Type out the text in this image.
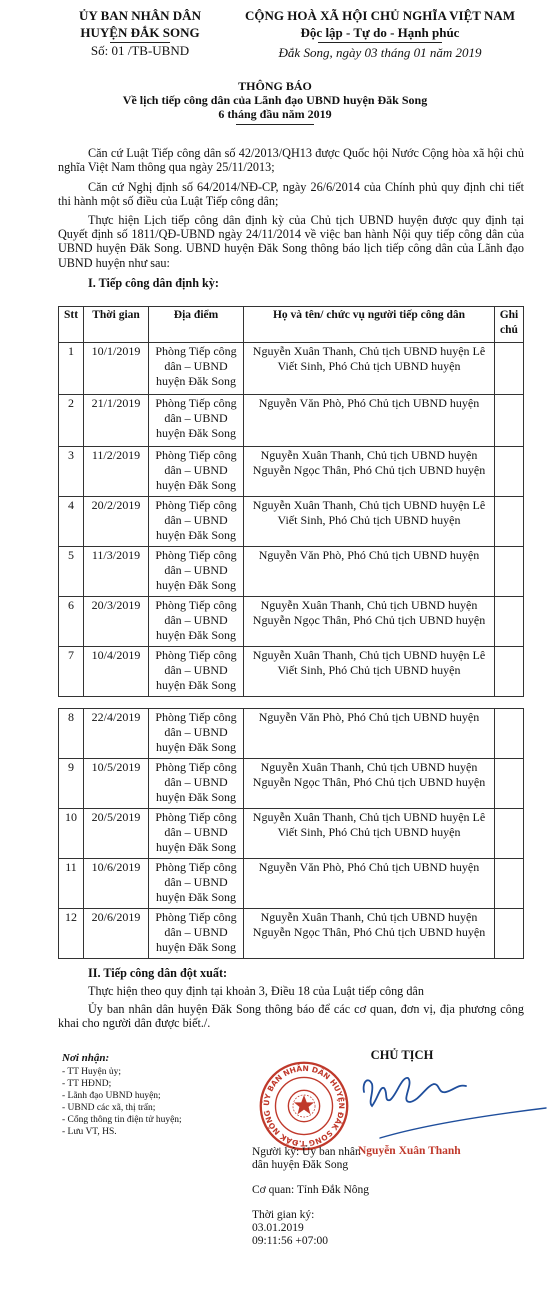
ỦY BAN NHÂN DÂN
HUYỆN ĐẮK SONG
Số: 01 /TB-UBND
CỘNG HOÀ XÃ HỘI CHỦ NGHĨA VIỆT NAM
Độc lập - Tự do - Hạnh phúc
Đắk Song, ngày 03 tháng 01 năm 2019
THÔNG BÁO
Về lịch tiếp công dân của Lãnh đạo UBND huyện Đăk Song
6 tháng đầu năm 2019
Căn cứ Luật Tiếp công dân số 42/2013/QH13 được Quốc hội Nước Cộng hòa xã hội chủ nghĩa Việt Nam thông qua ngày 25/11/2013;
Căn cứ Nghị định số 64/2014/NĐ-CP, ngày 26/6/2014 của Chính phủ quy định chi tiết thi hành một số điều của Luật Tiếp công dân;
Thực hiện Lịch tiếp công dân định kỳ của Chủ tịch UBND huyện được quy định tại Quyết định số 1811/QĐ-UBND ngày 24/11/2014 về việc ban hành Nội quy tiếp công dân của UBND huyện Đăk Song. UBND huyện Đăk Song thông báo lịch tiếp công dân của Lãnh đạo UBND huyện như sau:
I. Tiếp công dân định kỳ:
Stt	Thời gian	Địa điểm	Họ và tên/ chức vụ người tiếp công dân	Ghi chú
1	10/1/2019	Phòng Tiếp công dân – UBND huyện Đăk Song	Nguyễn Xuân Thanh, Chủ tịch UBND huyện Lê Viết Sinh, Phó Chủ tịch UBND huyện	
2	21/1/2019	Phòng Tiếp công dân – UBND huyện Đăk Song	Nguyễn Văn Phò, Phó Chủ tịch UBND huyện	
3	11/2/2019	Phòng Tiếp công dân – UBND huyện Đăk Song	Nguyễn Xuân Thanh, Chủ tịch UBND huyện Nguyễn Ngọc Thân, Phó Chủ tịch UBND huyện	
4	20/2/2019	Phòng Tiếp công dân – UBND huyện Đăk Song	Nguyễn Xuân Thanh, Chủ tịch UBND huyện Lê Viết Sinh, Phó Chủ tịch UBND huyện	
5	11/3/2019	Phòng Tiếp công dân – UBND huyện Đăk Song	Nguyễn Văn Phò, Phó Chủ tịch UBND huyện	
6	20/3/2019	Phòng Tiếp công dân – UBND huyện Đăk Song	Nguyễn Xuân Thanh, Chủ tịch UBND huyện Nguyễn Ngọc Thân, Phó Chủ tịch UBND huyện	
7	10/4/2019	Phòng Tiếp công dân – UBND huyện Đăk Song	Nguyễn Xuân Thanh, Chủ tịch UBND huyện Lê Viết Sinh, Phó Chủ tịch UBND huyện	
8	22/4/2019	Phòng Tiếp công dân – UBND huyện Đăk Song	Nguyễn Văn Phò, Phó Chủ tịch UBND huyện	
9	10/5/2019	Phòng Tiếp công dân – UBND huyện Đăk Song	Nguyễn Xuân Thanh, Chủ tịch UBND huyện Nguyễn Ngọc Thân, Phó Chủ tịch UBND huyện	
10	20/5/2019	Phòng Tiếp công dân – UBND huyện Đăk Song	Nguyễn Xuân Thanh, Chủ tịch UBND huyện Lê Viết Sinh, Phó Chủ tịch UBND huyện	
11	10/6/2019	Phòng Tiếp công dân – UBND huyện Đăk Song	Nguyễn Văn Phò, Phó Chủ tịch UBND huyện	
12	20/6/2019	Phòng Tiếp công dân – UBND huyện Đăk Song	Nguyễn Xuân Thanh, Chủ tịch UBND huyện Nguyễn Ngọc Thân, Phó Chủ tịch UBND huyện	
II. Tiếp công dân đột xuất:
Thực hiện theo quy định tại khoản 3, Điều 18 của Luật tiếp công dân
Ủy ban nhân dân huyện Đăk Song thông báo để các cơ quan, đơn vị, địa phương công khai cho người dân được biết./.
Nơi nhận:
- TT Huyện ủy;
- TT HĐND;
- Lãnh đạo UBND huyện;
- UBND các xã, thị trấn;
- Cổng thông tin điện tử huyện;
- Lưu VT, HS.
CHỦ TỊCH
ỦY BAN NHÂN DÂN HUYỆN ĐẮK SONG T.ĐẮK NÔNG
Người ký: Ủy ban nhân dân huyện Đăk Song
Cơ quan: Tỉnh Đắk Nông
Thời gian ký:
03.01.2019
09:11:56 +07:00
Nguyễn Xuân Thanh
